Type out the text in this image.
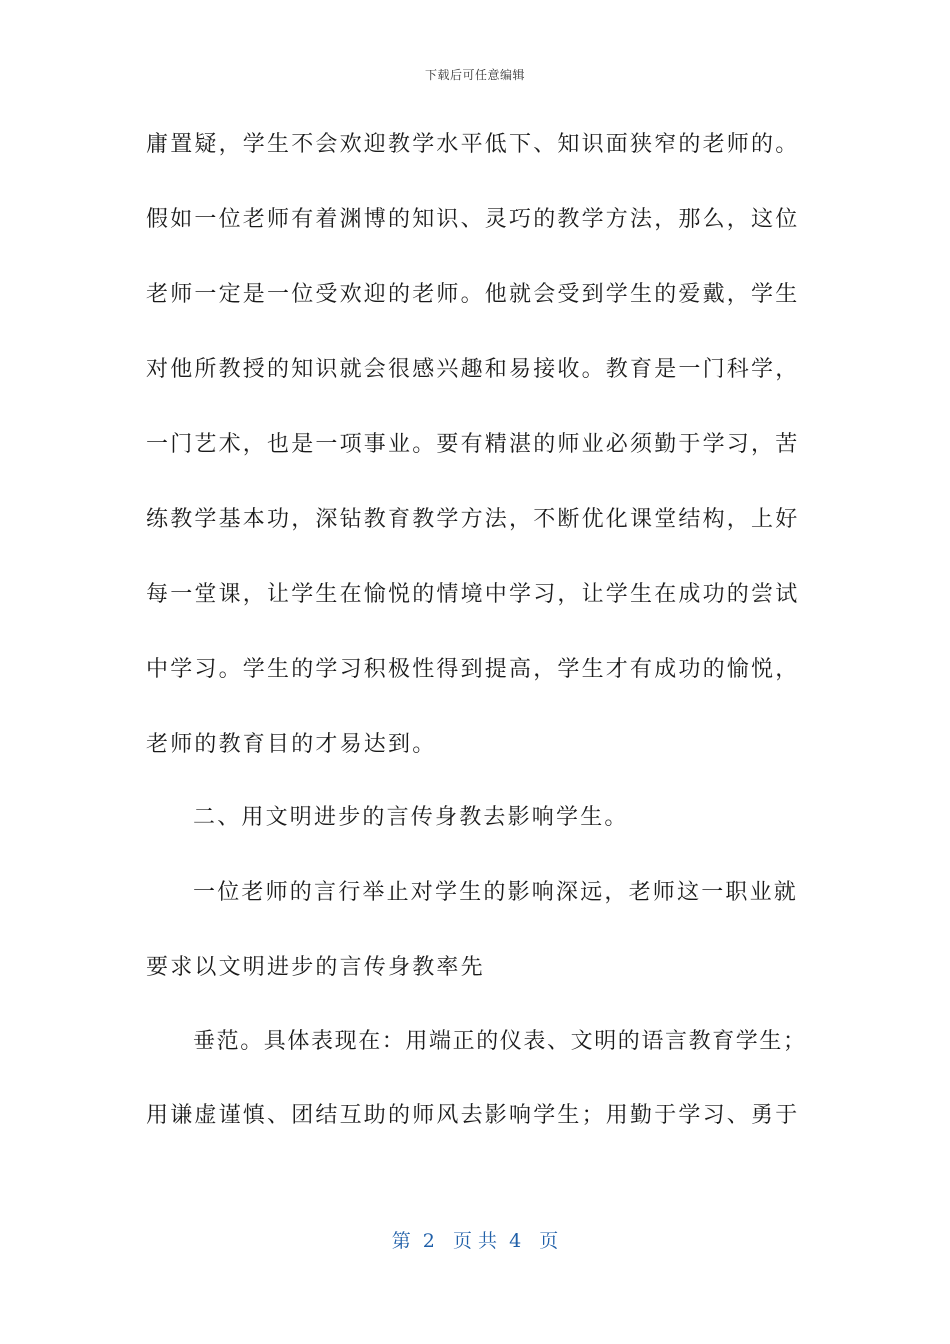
下载后可任意编辑
庸置疑，学生不会欢迎教学水平低下、知识面狭窄的老师的。
假如一位老师有着渊博的知识、灵巧的教学方法，那么，这位
老师一定是一位受欢迎的老师。他就会受到学生的爱戴，学生
对他所教授的知识就会很感兴趣和易接收。教育是一门科学，
一门艺术，也是一项事业。要有精湛的师业必须勤于学习，苦
练教学基本功，深钻教育教学方法，不断优化课堂结构，上好
每一堂课，让学生在愉悦的情境中学习，让学生在成功的尝试
中学习。学生的学习积极性得到提高，学生才有成功的愉悦，
老师的教育目的才易达到。
二、用文明进步的言传身教去影响学生。
一位老师的言行举止对学生的影响深远，老师这一职业就
要求以文明进步的言传身教率先
垂范。具体表现在：用端正的仪表、文明的语言教育学生；
用谦虚谨慎、团结互助的师风去影响学生；用勤于学习、勇于
第  2   页 共  4   页
